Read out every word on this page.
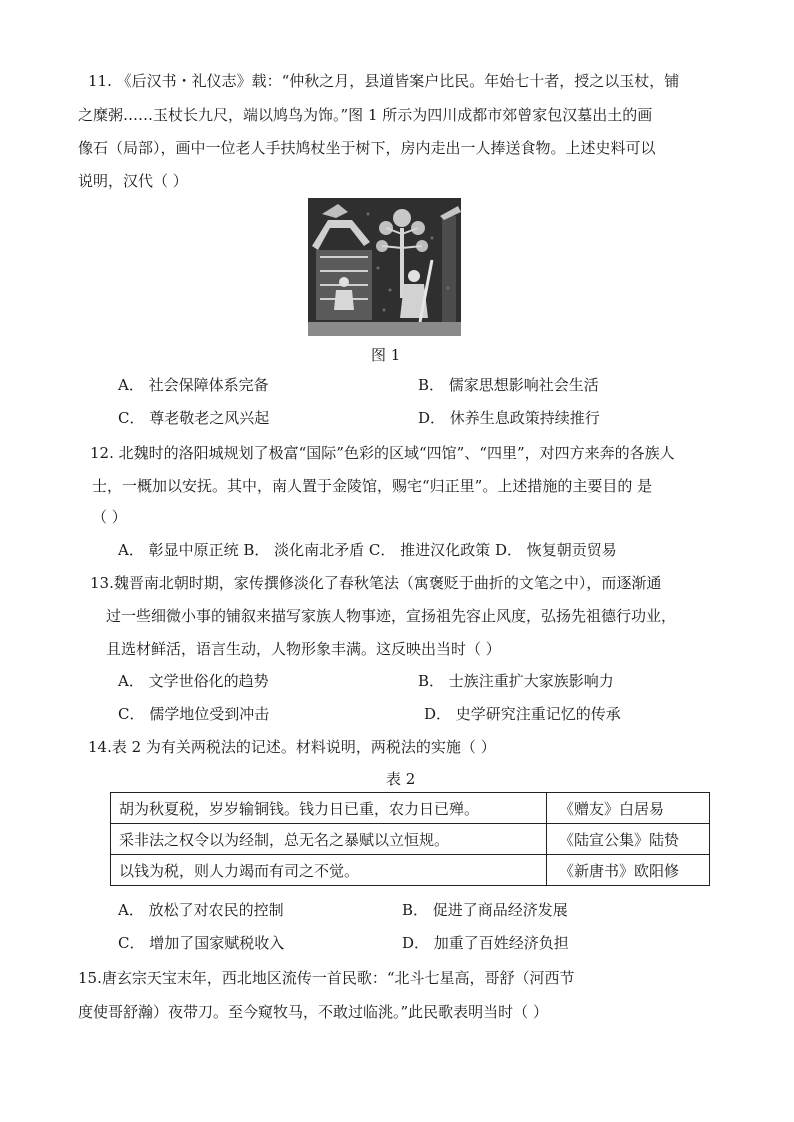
11. 《后汉书・礼仪志》载：“仲秋之月，县道皆案户比民。年始七十者，授之以玉杖，铺
之糜粥……玉杖长九尺，端以鸠鸟为饰。”图 1 所示为四川成都市郊曾家包汉墓出土的画
像石（局部），画中一位老人手扶鸠杖坐于树下，房内走出一人捧送食物。上述史料可以
说明，汉代（ ）
图 1
A． 社会保障体系完备	B． 儒家思想影响社会生活
C． 尊老敬老之风兴起	D． 休养生息政策持续推行
12. 北魏时的洛阳城规划了极富“国际”色彩的区域“四馆”、“四里”，对四方来奔的各族人
士，一概加以安抚。其中，南人置于金陵馆，赐宅“归正里”。上述措施的主要目的 是
（ ）
A． 彰显中原正统 B． 淡化南北矛盾 C． 推进汉化政策 D． 恢复朝贡贸易
13.魏晋南北朝时期，家传撰修淡化了春秋笔法（寓褒贬于曲折的文笔之中），而逐渐通
过一些细微小事的铺叙来描写家族人物事迹，宣扬祖先容止风度，弘扬先祖德行功业，
且选材鲜活，语言生动，人物形象丰满。这反映出当时（ ）
A． 文学世俗化的趋势	B． 士族注重扩大家族影响力
C． 儒学地位受到冲击	D． 史学研究注重记忆的传承
14.表 2 为有关两税法的记述。材料说明，两税法的实施（ ）
表 2
胡为秋夏税，岁岁输铜钱。钱力日已重，农力日已殚。	《赠友》白居易
采非法之权令以为经制，总无名之暴赋以立恒规。	《陆宣公集》陆贽
以钱为税，则人力竭而有司之不觉。	《新唐书》欧阳修
A． 放松了对农民的控制	B． 促进了商品经济发展
C． 增加了国家赋税收入	D． 加重了百姓经济负担
15.唐玄宗天宝末年，西北地区流传一首民歌：“北斗七星高，哥舒（河西节
度使哥舒瀚）夜带刀。至今窥牧马，不敢过临洮。”此民歌表明当时（ ）
